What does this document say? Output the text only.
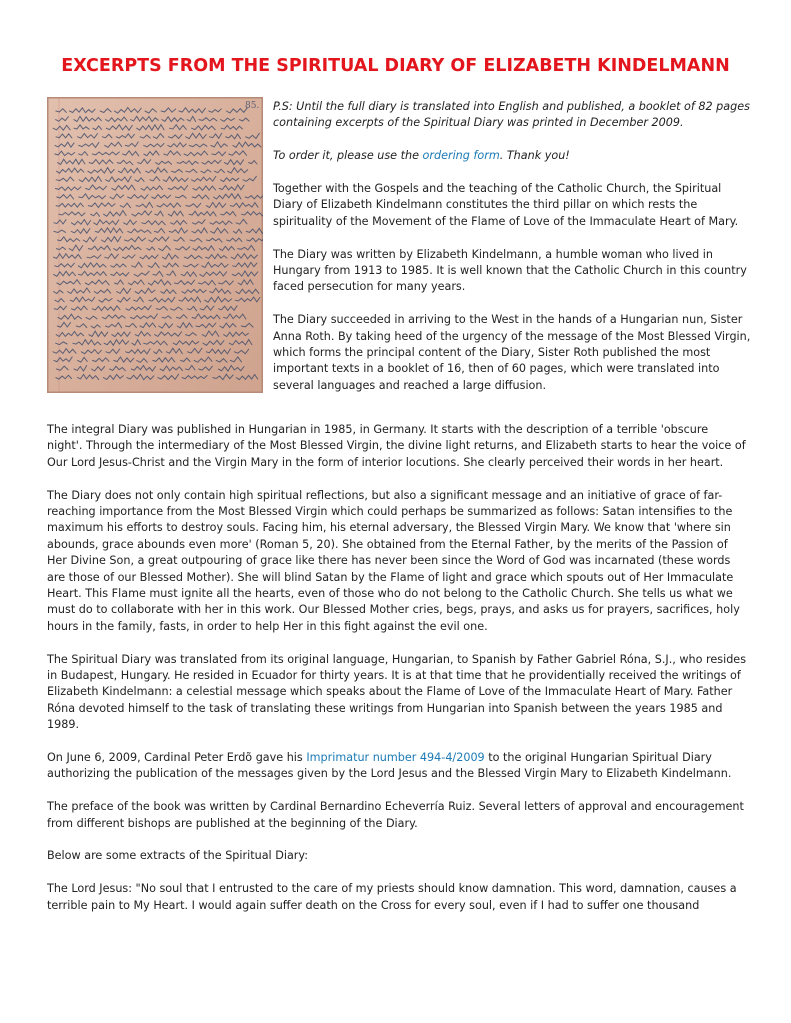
EXCERPTS FROM THE SPIRITUAL DIARY OF ELIZABETH KINDELMANN
85. P.S: Until the full diary is translated into English and published, a booklet of 82 pages containing excerpts of the Spiritual Diary was printed in December 2009.

To order it, please use the ordering form. Thank you!

Together with the Gospels and the teaching of the Catholic Church, the Spiritual Diary of Elizabeth Kindelmann constitutes the third pillar on which rests the spirituality of the Movement of the Flame of Love of the Immaculate Heart of Mary.

The Diary was written by Elizabeth Kindelmann, a humble woman who lived in Hungary from 1913 to 1985. It is well known that the Catholic Church in this country faced persecution for many years.

The Diary succeeded in arriving to the West in the hands of a Hungarian nun, Sister Anna Roth. By taking heed of the urgency of the message of the Most Blessed Virgin, which forms the principal content of the Diary, Sister Roth published the most important texts in a booklet of 16, then of 60 pages, which were translated into several languages and reached a large diffusion.

The integral Diary was published in Hungarian in 1985, in Germany. It starts with the description of a terrible 'obscure night'. Through the intermediary of the Most Blessed Virgin, the divine light returns, and Elizabeth starts to hear the voice of Our Lord Jesus-Christ and the Virgin Mary in the form of interior locutions. She clearly perceived their words in her heart.

The Diary does not only contain high spiritual reflections, but also a significant message and an initiative of grace of far-reaching importance from the Most Blessed Virgin which could perhaps be summarized as follows: Satan intensifies to the maximum his efforts to destroy souls. Facing him, his eternal adversary, the Blessed Virgin Mary. We know that 'where sin abounds, grace abounds even more' (Roman 5, 20). She obtained from the Eternal Father, by the merits of the Passion of Her Divine Son, a great outpouring of grace like there has never been since the Word of God was incarnated (these words are those of our Blessed Mother). She will blind Satan by the Flame of light and grace which spouts out of Her Immaculate Heart. This Flame must ignite all the hearts, even of those who do not belong to the Catholic Church. She tells us what we must do to collaborate with her in this work. Our Blessed Mother cries, begs, prays, and asks us for prayers, sacrifices, holy hours in the family, fasts, in order to help Her in this fight against the evil one.

The Spiritual Diary was translated from its original language, Hungarian, to Spanish by Father Gabriel Róna, S.J., who resides in Budapest, Hungary. He resided in Ecuador for thirty years. It is at that time that he providentially received the writings of Elizabeth Kindelmann: a celestial message which speaks about the Flame of Love of the Immaculate Heart of Mary. Father Róna devoted himself to the task of translating these writings from Hungarian into Spanish between the years 1985 and 1989.

On June 6, 2009, Cardinal Peter Erdõ gave his Imprimatur number 494-4/2009 to the original Hungarian Spiritual Diary authorizing the publication of the messages given by the Lord Jesus and the Blessed Virgin Mary to Elizabeth Kindelmann.

The preface of the book was written by Cardinal Bernardino Echeverría Ruiz. Several letters of approval and encouragement from different bishops are published at the beginning of the Diary.

Below are some extracts of the Spiritual Diary:

The Lord Jesus: "No soul that I entrusted to the care of my priests should know damnation. This word, damnation, causes a terrible pain to My Heart. I would again suffer death on the Cross for every soul, even if I had to suffer one thousand
